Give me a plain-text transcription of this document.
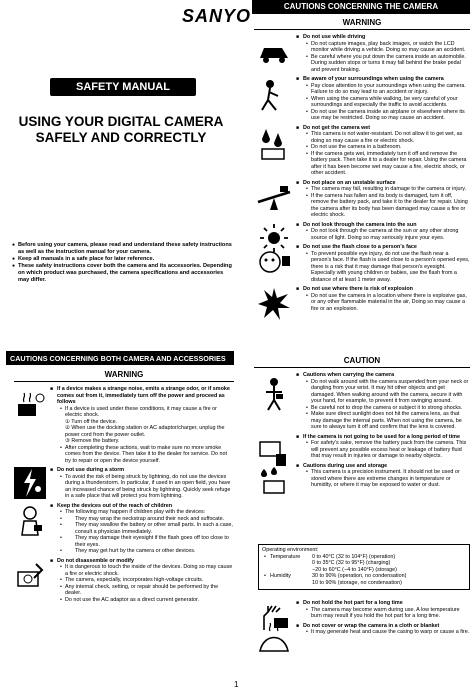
SANYO
SAFETY MANUAL
USING YOUR DIGITAL CAMERA
SAFELY AND CORRECTLY
● Before using your camera, please read and understand these safety instructions as well as the instruction manual for your camera.
● Keep all manuals in a safe place for later reference.
● These safety instructions cover both the camera and its accessories. Depending on which product was purchased, the camera specifications and accessories may differ.
CAUTIONS CONCERNING BOTH CAMERA AND ACCESSORIES
WARNING
■ If a device makes a strange noise, emits a strange odor, or if smoke comes out from it, immediately turn off the power and proceed as follows
• If a device is used under these conditions, it may cause a fire or electric shock.
① Turn off the device.
② When use the docking station or AC adaptor/charger, unplug the power cord from the power outlet.
③ Remove the battery.
• After completing these actions, wait to make sure no more smoke comes from the device. Then take it to the dealer for service. Do not try to repair or open the device yourself.
■ Do not use during a storm
• To avoid the risk of being struck by lightning, do not use the devices during a thunderstorm. In particular, if used in an open field, you have an increased chance of being struck by lightning. Quickly seek refuge in a safe place that will protect you from lightning.
■ Keep the devices out of the reach of children
• The following may happen if children play with the devices:
• They may wrap the neckstrap around their neck and suffocate.
• They may swallow the battery or other small parts. In such a case, consult a physician immediately.
• They may damage their eyesight if the flash goes off too close to their eyes.
• They may get hurt by the camera or other devices.
■ Do not disassemble or modify
• It is dangerous to touch the inside of the devices. Doing so may cause a fire or electric shock.
• The camera, especially, incorporates high-voltage circuits.
• Any internal check, setting, or repair should be performed by the dealer.
• Do not use the AC adaptor as a direct current generator.
CAUTIONS CONCERNING THE CAMERA
WARNING
■ Do not use while driving
• Do not capture images, play back images, or watch the LCD monitor while driving a vehicle. Doing so may cause an accident.
• Be careful where you put down the camera inside an automobile. During sudden stops or turns it may fall behind the brake pedal and prevent braking.
■ Be aware of your surroundings when using the camera
• Pay close attention to your surroundings when using the camera. Failure to do so may lead to an accident or injury.
• When using the camera while walking, be very careful of your surroundings and especially the traffic to avoid accidents.
• Do not use the camera inside an airplane or elsewhere where its use may be restricted. Doing so may cause an accident.
■ Do not get the camera wet
• This camera is not water-resistant. Do not allow it to get wet, as doing so may cause a fire or electric shock.
• Do not use the camera in a bathroom.
• If the camera gets wet, immediately turn it off and remove the battery pack. Then take it to a dealer for repair. Using the camera after it has been become wet may cause a fire, electric shock, or other accident.
■ Do not place on an unstable surface
• The camera may fall, resulting in damage to the camera or injury.
• If the camera has fallen and its body is damaged, turn it off, remove the battery pack, and take it to the dealer for repair. Using the camera after its body has been damaged may cause a fire or electric shock.
■ Do not look through the camera into the sun
• Do not look through the camera at the sun or any other strong source of light. Doing so may seriously injure your eyes.
■ Do not use the flash close to a person's face
• To prevent possible eye injury, do not use the flash near a person's face. If the flash is used close to a person's opened eyes, there is a risk that it may damage that person's eyesight. Especially with young children or babies, use the flash from a distance of at least 1 meter away.
■ Do not use where there is risk of explosion
• Do not use the camera in a location where there is explosive gas, or any other flammable material in the air, Doing so may cause a fire or an explosion.
CAUTION
■ Cautions when carrying the camera
• Do not walk around with the camera suspended from your neck or dangling from your wrist. It may hit other objects and get damaged. When walking around with the camera, secure it with your hand, for example, to prevent it from swinging around.
• Be careful not to drop the camera or subject it to strong shocks.
• Make sure direct sunlight does not hit the camera lens, as that may damage the internal parts. When not using the camera, be sure to always turn it off and confirm that the lens is covered.
■ If the camera is not going to be used for a long period of time
• For safety's sake, remove the battery pack from the camera. This will prevent any possible excess heat or leakage of battery fluid that may result in injuries or damage to nearby objects.
■ Cautions during use and storage
• This camera is a precision instrument. It should not be used or stored where there are extreme changes in temperature or humidity, or where it may be exposed to water or dust.
Operating environment:
• Temperature	0 to 40°C (32 to 104°F) (operation)
0 to 35°C (32 to 95°F) (charging)
−20 to 60°C (−4 to 140°F) (storage)
• Humidity	30 to 90% (operation, no condensation)
10 to 90% (storage, no condensation)
■ Do not hold the hot part for a long time
• The camera may become warm during use. A low temperature burn may result if you hold the hot part for a long time.
■ Do not cover or wrap the camera in a cloth or blanket
• It may generate heat and cause the casing to warp or cause a fire.
1
